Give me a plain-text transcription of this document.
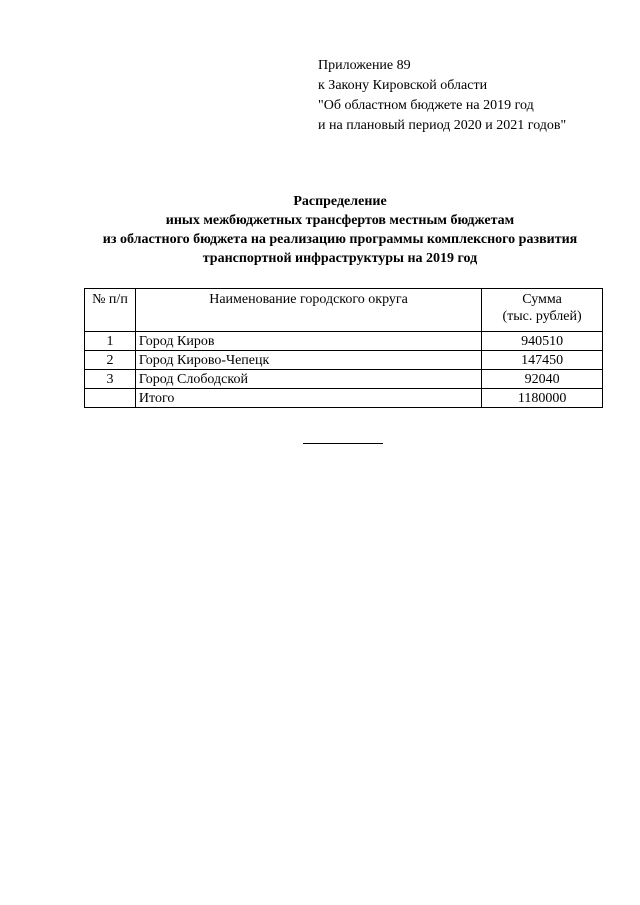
Приложение 89
к Закону Кировской области
"Об областном бюджете на 2019 год
и на плановый период 2020 и 2021 годов"
Распределение
иных межбюджетных трансфертов местным бюджетам
из областного бюджета на реализацию программы комплексного развития
транспортной инфраструктуры на 2019 год
№ п/п	Наименование городского округа	Сумма
(тыс. рублей)

1	Город Киров	940510
2	Город Кирово-Чепецк	147450
3	Город Слободской	92040
	Итого	1180000
